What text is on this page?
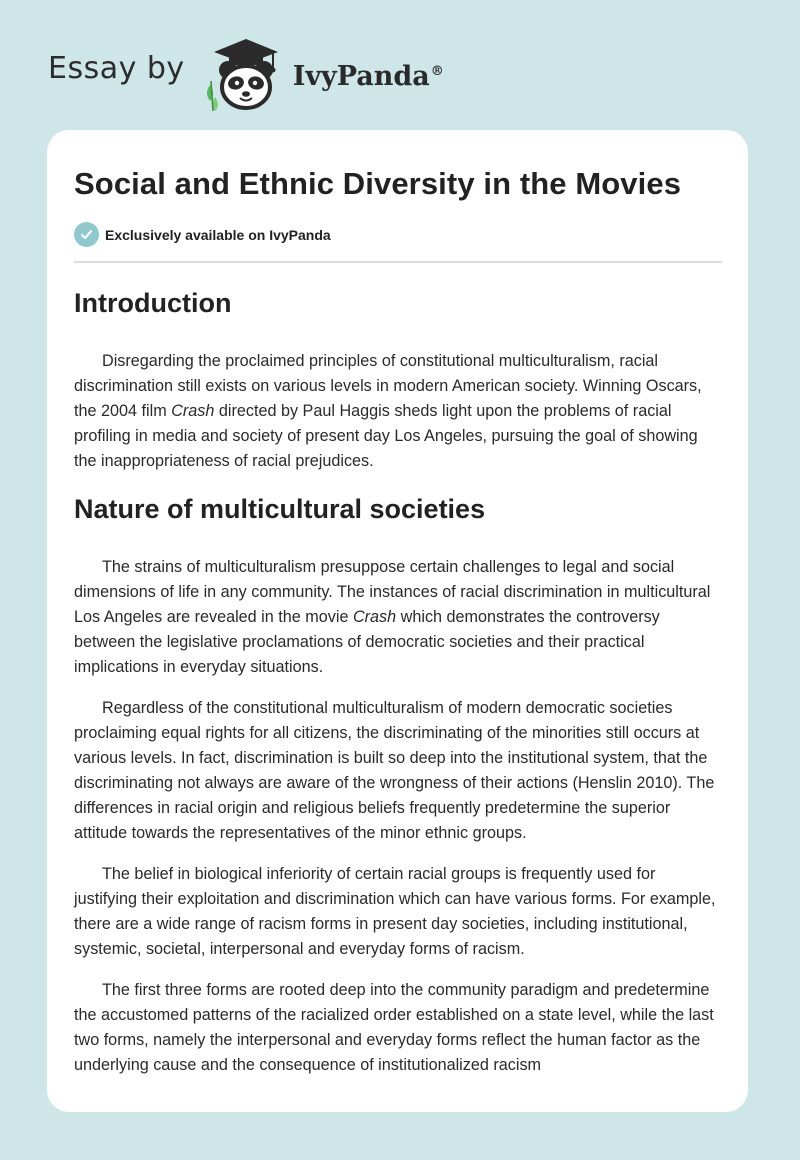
Essay by	IvyPanda®
Social and Ethnic Diversity in the Movies
Exclusively available on IvyPanda
Introduction

Disregarding the proclaimed principles of constitutional multiculturalism, racial discrimination still exists on various levels in modern American society. Winning Oscars, the 2004 film Crash directed by Paul Haggis sheds light upon the problems of racial profiling in media and society of present day Los Angeles, pursuing the goal of showing the inappropriateness of racial prejudices.

Nature of multicultural societies

The strains of multiculturalism presuppose certain challenges to legal and social dimensions of life in any community. The instances of racial discrimination in multicultural Los Angeles are revealed in the movie Crash which demonstrates the controversy between the legislative proclamations of democratic societies and their practical implications in everyday situations.

Regardless of the constitutional multiculturalism of modern democratic societies proclaiming equal rights for all citizens, the discriminating of the minorities still occurs at various levels. In fact, discrimination is built so deep into the institutional system, that the discriminating not always are aware of the wrongness of their actions (Henslin 2010). The differences in racial origin and religious beliefs frequently predetermine the superior attitude towards the representatives of the minor ethnic groups.

The belief in biological inferiority of certain racial groups is frequently used for justifying their exploitation and discrimination which can have various forms. For example, there are a wide range of racism forms in present day societies, including institutional, systemic, societal, interpersonal and everyday forms of racism.

The first three forms are rooted deep into the community paradigm and predetermine the accustomed patterns of the racialized order established on a state level, while the last two forms, namely the interpersonal and everyday forms reflect the human factor as the underlying cause and the consequence of institutionalized racism
